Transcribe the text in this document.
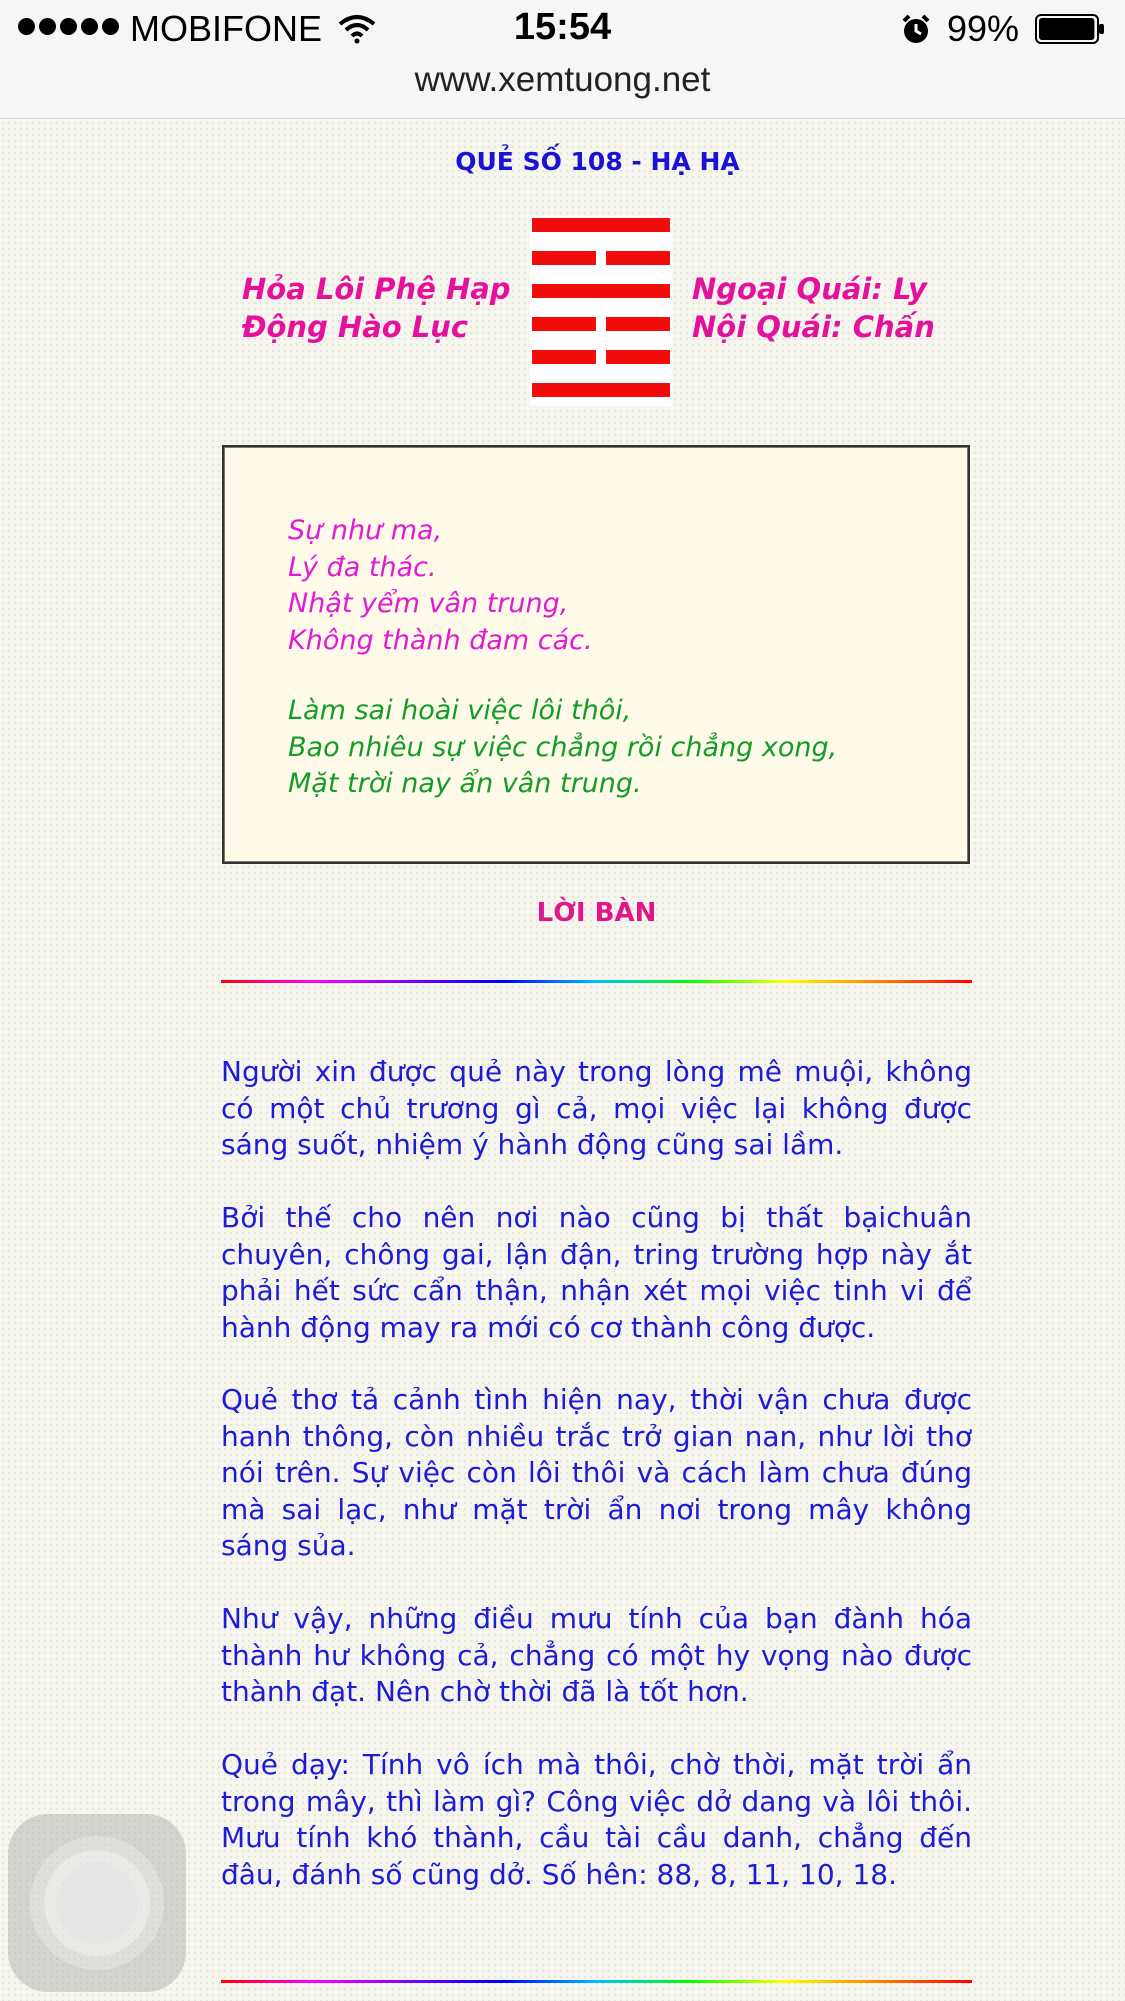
MOBIFONE	15:54	99%
www.xemtuong.net
QUẺ SỐ 108 - HẠ HẠ
Hỏa Lôi Phệ Hạp
Động Hào Lục
Ngoại Quái: Ly
Nội Quái: Chấn
Sự như ma,
Lý đa thác.
Nhật yểm vân trung,
Không thành đam các.
Làm sai hoài việc lôi thôi,
Bao nhiêu sự việc chẳng rồi chẳng xong,
Mặt trời nay ẩn vân trung.
LỜI BÀN
Người xin được quẻ này trong lòng mê muội, không có một chủ trương gì cả, mọi việc lại không được sáng suốt, nhiệm ý hành động cũng sai lầm.
Bởi thế cho nên nơi nào cũng bị thất bạichuân chuyên, chông gai, lận đận, tring trường hợp này ắt phải hết sức cẩn thận, nhận xét mọi việc tinh vi để hành động may ra mới có cơ thành công được.
Quẻ thơ tả cảnh tình hiện nay, thời vận chưa được hanh thông, còn nhiều trắc trở gian nan, như lời thơ nói trên. Sự việc còn lôi thôi và cách làm chưa đúng mà sai lạc, như mặt trời ẩn nơi trong mây không sáng sủa.
Như vậy, những điều mưu tính của bạn đành hóa thành hư không cả, chẳng có một hy vọng nào được thành đạt. Nên chờ thời đã là tốt hơn.
Quẻ dạy: Tính vô ích mà thôi, chờ thời, mặt trời ẩn trong mây, thì làm gì? Công việc dở dang và lôi thôi. Mưu tính khó thành, cầu tài cầu danh, chẳng đến đâu, đánh số cũng dở. Số hên: 88, 8, 11, 10, 18.
